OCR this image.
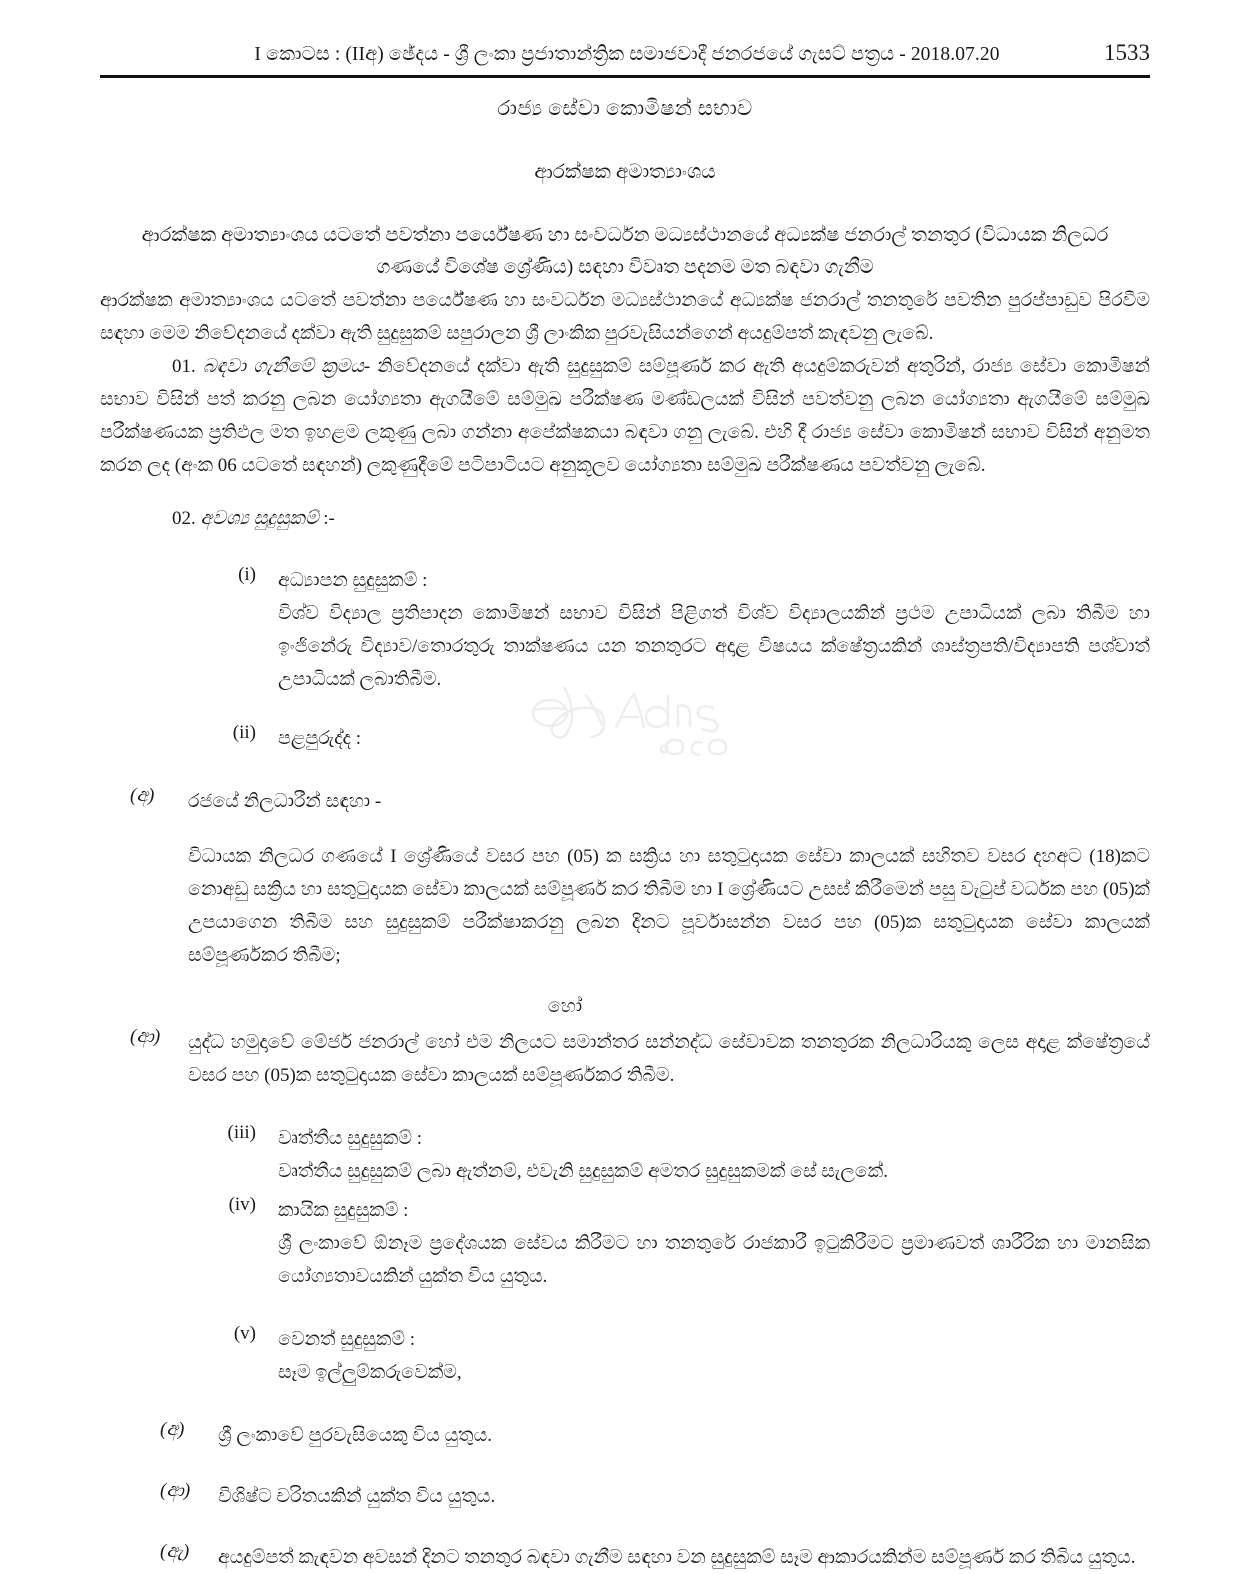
I කොටස : (IIඅ) ඡේදය - ශ්‍රී ලංකා ප්‍රජාතාන්ත්‍රික සමාජවාදී ජනරජයේ ගැසට් පත්‍රය - 2018.07.20	1533
රාජ්‍ය සේවා කොමිෂන් සභාව
ආරක්ෂක අමාත්‍යාංශය
ආරක්ෂක අමාත්‍යාංශය යටතේ පවත්නා පර්යේෂණ හා සංවර්ධන මධ්‍යස්ථානයේ අධ්‍යක්ෂ ජනරාල් තනතුර (විධායක නිලධර
ගණයේ විශේෂ ශ්‍රේණිය) සඳහා විවෘත පදනම මත බඳවා ගැනීම

ආරක්ෂක අමාත්‍යාංශය යටතේ පවත්නා පර්යේෂණ හා සංවර්ධන මධ්‍යස්ථානයේ අධ්‍යක්ෂ ජනරාල් තනතුරේ පවතින පුරප්පාඩුව පිරවීම සඳහා මෙම නිවේදනයේ දක්වා ඇති සුදුසුකම් සපුරාලන ශ්‍රී ලාංකික පුරවැසියන්ගෙන් අයදුම්පත් කැඳවනු ලැබේ.

01. බඳවා ගැනීමේ ක්‍රමය- නිවේදනයේ දක්වා ඇති සුදුසුකම් සම්පූර්ණ කර ඇති අයදුම්කරුවන් අතුරින්, රාජ්‍ය සේවා කොමිෂන් සභාව විසින් පත් කරනු ලබන යෝග්‍යතා ඇගයීමේ සම්මුඛ පරීක්ෂණ මණ්ඩලයක් විසින් පවත්වනු ලබන යෝග්‍යතා ඇගයීමේ සම්මුඛ පරීක්ෂණයක ප්‍රතිඵල මත ඉහළම ලකුණු ලබා ගන්නා අපේක්ෂකයා බඳවා ගනු ලැබේ. එහි දී රාජ්‍ය සේවා කොමිෂන් සභාව විසින් අනුමත කරන ලද (අංක 06 යටතේ සඳහන්) ලකුණුදීමේ පටිපාටියට අනුකූලව යෝග්‍යතා සම්මුඛ පරීක්ෂණය පවත්වනු ලැබේ.

02. අවශ්‍ය සුදුසුකම් :-
(i)	අධ්‍යාපන සුදුසුකම් :
විශ්ව විද්‍යාල ප්‍රතිපාදන කොමිෂන් සභාව විසින් පිළිගත් විශ්ව විද්‍යාලයකින් ප්‍රථම උපාධියක් ලබා තිබීම හා ඉංජිනේරු විද්‍යාව/තොරතුරු තාක්ෂණය යන තනතුරට අදාළ විෂයය ක්ෂේත්‍රයකින් ශාස්ත්‍රපති/විද්‍යාපති පශ්චාත් උපාධියක් ලබාතිබීම.
(ii)	පළපුරුද්ද :
(අ)	රජයේ නිලධාරීන් සඳහා -
විධායක නිලධර ගණයේ I ශ්‍රේණියේ වසර පහ (05) ක සක්‍රිය හා සතුටුදායක සේවා කාලයක් සහිතව වසර දහඅට (18)කට නොඅඩු සක්‍රිය හා සතුටුදායක සේවා කාලයක් සම්පූර්ණ කර තිබීම හා I ශ්‍රේණියට උසස් කිරීමෙන් පසු වැටුප් වර්ධක පහ (05)ක් උපයාගෙන තිබීම සහ සුදුසුකම් පරීක්ෂාකරනු ලබන දිනට පූර්වාසන්න වසර පහ (05)ක සතුටුදායක සේවා කාලයක් සම්පූර්ණකර තිබීම;
හෝ
(ආ)	යුද්ධ හමුදාවේ මේජර් ජනරාල් හෝ එම නිලයට සමාන්තර සන්නද්ධ සේවාවක තනතුරක නිලධාරියකු ලෙස අදාළ ක්ෂේත්‍රයේ වසර පහ (05)ක සතුටුදායක සේවා කාලයක් සම්පූර්ණකර තිබීම.
(iii)	වෘත්තීය සුදුසුකම් :
වෘත්තීය සුදුසුකම් ලබා ඇත්නම්, එවැනි සුදුසුකම් අමතර සුදුසුකමක් සේ සැලකේ.
(iv)	කායික සුදුසුකම් :
ශ්‍රී ලංකාවේ ඕනෑම ප්‍රදේශයක සේවය කිරීමට හා තනතුරේ රාජකාරී ඉටුකිරීමට ප්‍රමාණවත් ශාරීරික හා මානසික යෝග්‍යතාවයකින් යුක්ත විය යුතුය.
(v)	වෙනත් සුදුසුකම් :
සෑම ඉල්ලුම්කරුවෙක්ම,
(අ)	ශ්‍රී ලංකාවේ පුරවැසියෙකු විය යුතුය.
(ආ)	විශිෂ්ට චරිතයකින් යුක්ත විය යුතුය.
(ඇ)	අයදුම්පත් කැඳවන අවසන් දිනට තනතුර බඳවා ගැනීම සඳහා වන සුදුසුකම් සෑම ආකාරයකින්ම සම්පූර්ණ කර තිබිය යුතුය.
